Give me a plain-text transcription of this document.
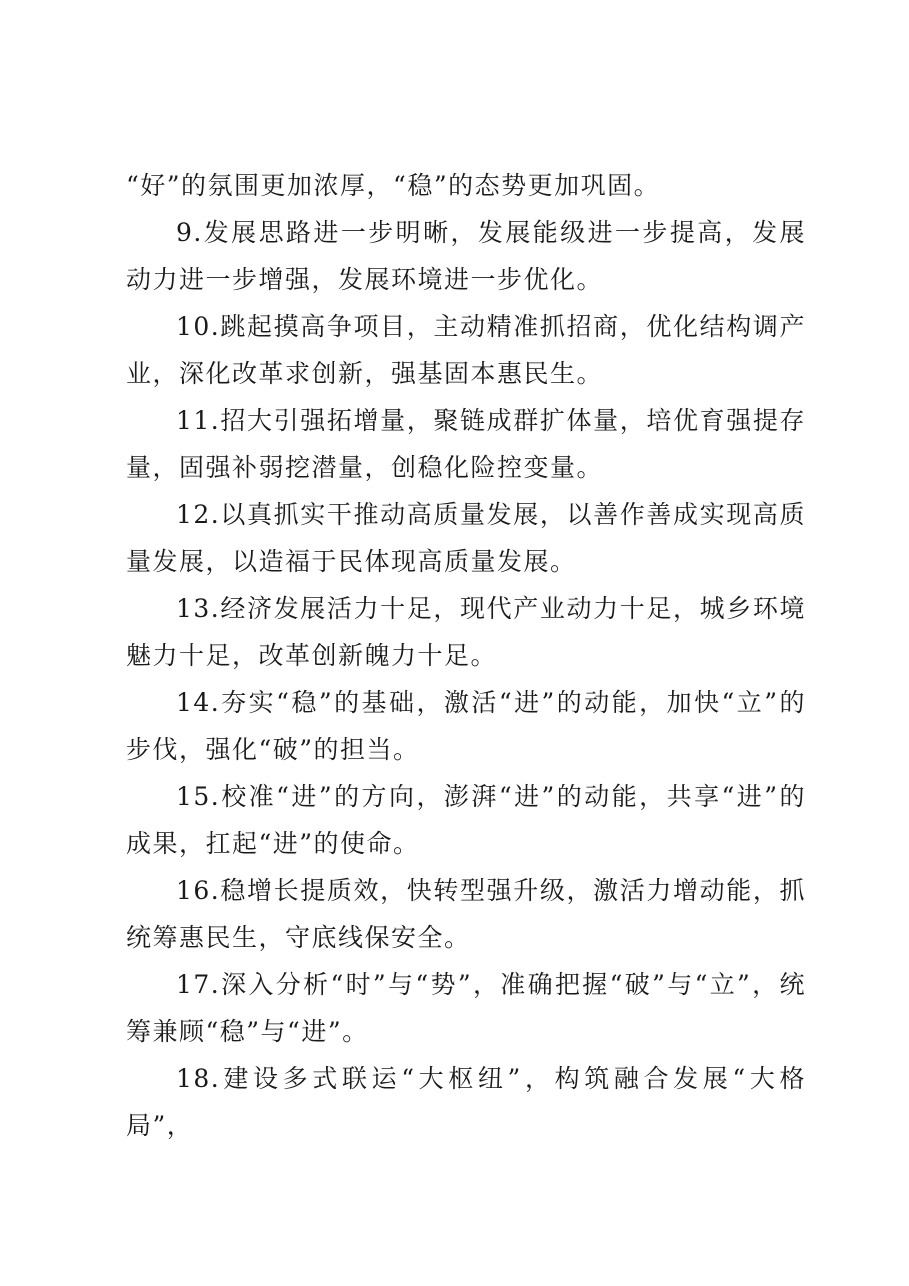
“好”的氛围更加浓厚，“稳”的态势更加巩固。

9.发展思路进一步明晰，发展能级进一步提高，发展动力进一步增强，发展环境进一步优化。

10.跳起摸高争项目，主动精准抓招商，优化结构调产业，深化改革求创新，强基固本惠民生。

11.招大引强拓增量，聚链成群扩体量，培优育强提存量，固强补弱挖潜量，创稳化险控变量。

12.以真抓实干推动高质量发展，以善作善成实现高质量发展，以造福于民体现高质量发展。

13.经济发展活力十足，现代产业动力十足，城乡环境魅力十足，改革创新魄力十足。

14.夯实“稳”的基础，激活“进”的动能，加快“立”的步伐，强化“破”的担当。

15.校准“进”的方向，澎湃“进”的动能，共享“进”的成果，扛起“进”的使命。

16.稳增长提质效，快转型强升级，激活力增动能，抓统筹惠民生，守底线保安全。

17.深入分析“时”与“势”，准确把握“破”与“立”，统筹兼顾“稳”与“进”。

18.建设多式联运“大枢纽”，构筑融合发展“大格局”，
